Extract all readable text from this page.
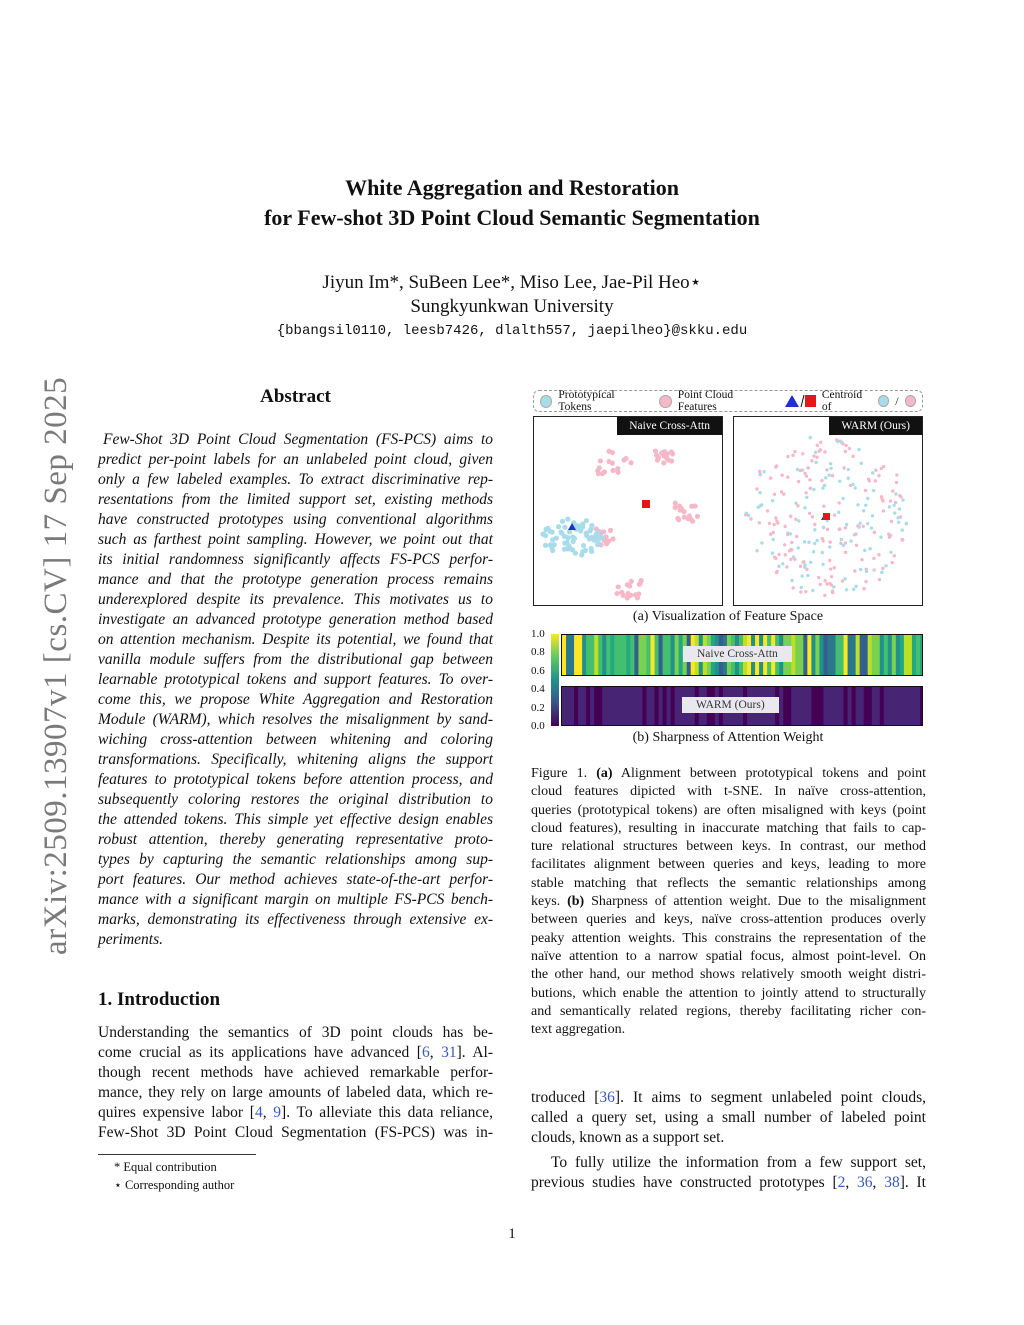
White Aggregation and Restoration
for Few-shot 3D Point Cloud Semantic Segmentation
Jiyun Im*, SuBeen Lee*, Miso Lee, Jae-Pil Heo⋆
Sungkyunkwan University
{bbangsil0110, leesb7426, dlalth557, jaepilheo}@skku.edu
arXiv:2509.13907v1 [cs.CV] 17 Sep 2025	Abstract
Few-Shot 3D Point Cloud Segmentation (FS-PCS) aims to
predict per-point labels for an unlabeled point cloud, given
only a few labeled examples. To extract discriminative rep-
resentations from the limited support set, existing methods
have constructed prototypes using conventional algorithms
such as farthest point sampling. However, we point out that
its initial randomness significantly affects FS-PCS perfor-
mance and that the prototype generation process remains
underexplored despite its prevalence. This motivates us to
investigate an advanced prototype generation method based
on attention mechanism. Despite its potential, we found that
vanilla module suffers from the distributional gap between
learnable prototypical tokens and support features. To over-
come this, we propose White Aggregation and Restoration
Module (WARM), which resolves the misalignment by sand-
wiching cross-attention between whitening and coloring
transformations. Specifically, whitening aligns the support
features to prototypical tokens before attention process, and
subsequently coloring restores the original distribution to
the attended tokens. This simple yet effective design enables
robust attention, thereby generating representative proto-
types by capturing the semantic relationships among sup-
port features. Our method achieves state-of-the-art perfor-
mance with a significant margin on multiple FS-PCS bench-
marks, demonstrating its effectiveness through extensive ex-
periments.
1. Introduction
Understanding the semantics of 3D point clouds has be-
come crucial as its applications have advanced [6, 31]. Al-
though recent methods have achieved remarkable perfor-
mance, they rely on large amounts of labeled data, which re-
quires expensive labor [4, 9]. To alleviate this data reliance,
Few-Shot 3D Point Cloud Segmentation (FS-PCS) was in-
* Equal contribution
⋆ Corresponding author
Prototypical Tokens
Point Cloud Features
Centroid of	/
Naive Cross-Attn	WARM (Ours)
(a) Visualization of Feature Space
1.0
0.8
0.6
0.4
0.2
0.0
Naive Cross-Attn
WARM (Ours)
(b) Sharpness of Attention Weight
Figure 1. (a) Alignment between prototypical tokens and point
cloud features dipicted with t-SNE. In naïve cross-attention,
queries (prototypical tokens) are often misaligned with keys (point
cloud features), resulting in inaccurate matching that fails to cap-
ture relational structures between keys. In contrast, our method
facilitates alignment between queries and keys, leading to more
stable matching that reflects the semantic relationships among
keys. (b) Sharpness of attention weight. Due to the misalignment
between queries and keys, naïve cross-attention produces overly
peaky attention weights. This constrains the representation of the
naïve attention to a narrow spatial focus, almost point-level. On
the other hand, our method shows relatively smooth weight distri-
butions, which enable the attention to jointly attend to structurally
and semantically related regions, thereby facilitating richer con-
text aggregation.
troduced [36]. It aims to segment unlabeled point clouds,
called a query set, using a small number of labeled point
clouds, known as a support set.
To fully utilize the information from a few support set,
previous studies have constructed prototypes [2, 36, 38]. It
1
